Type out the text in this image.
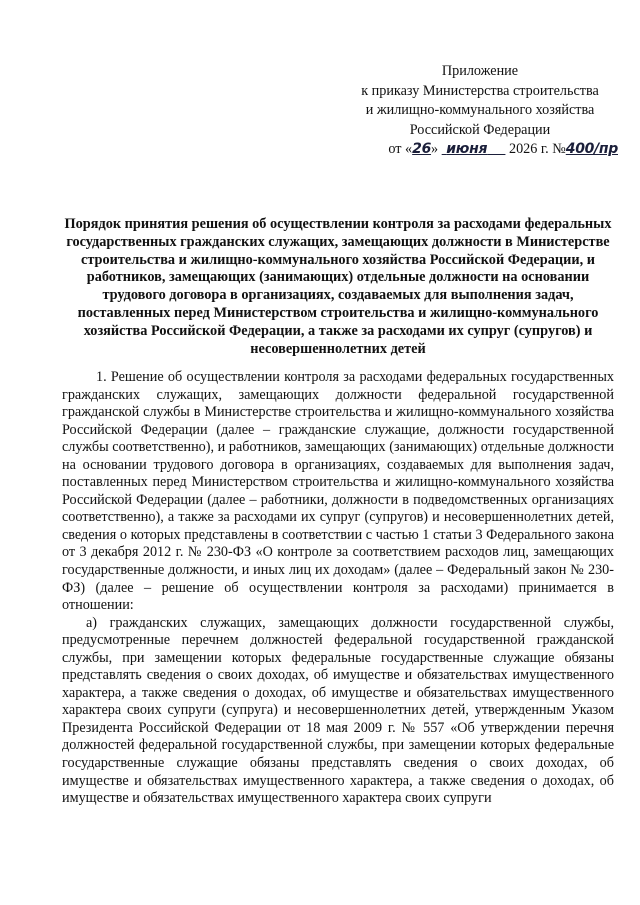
Приложение
к приказу Министерства строительства
и жилищно-коммунального хозяйства
Российской Федерации
от «26» июня 2026 г. №400/пр
Порядок принятия решения об осуществлении контроля за расходами федеральных государственных гражданских служащих, замещающих должности в Министерстве строительства и жилищно-коммунального хозяйства Российской Федерации, и работников, замещающих (занимающих) отдельные должности на основании трудового договора в организациях, создаваемых для выполнения задач, поставленных перед Министерством строительства и жилищно-коммунального хозяйства Российской Федерации, а также за расходами их супруг (супругов) и несовершеннолетних детей

1. Решение об осуществлении контроля за расходами федеральных государственных гражданских служащих, замещающих должности федеральной государственной гражданской службы в Министерстве строительства и жилищно-коммунального хозяйства Российской Федерации (далее – гражданские служащие, должности государственной службы соответственно), и работников, замещающих (занимающих) отдельные должности на основании трудового договора в организациях, создаваемых для выполнения задач, поставленных перед Министерством строительства и жилищно-коммунального хозяйства Российской Федерации (далее – работники, должности в подведомственных организациях соответственно), а также за расходами их супруг (супругов) и несовершеннолетних детей, сведения о которых представлены в соответствии с частью 1 статьи 3 Федерального закона от 3 декабря 2012 г. № 230-ФЗ «О контроле за соответствием расходов лиц, замещающих государственные должности, и иных лиц их доходам» (далее – Федеральный закон № 230-ФЗ) (далее – решение об осуществлении контроля за расходами) принимается в отношении:

а) гражданских служащих, замещающих должности государственной службы, предусмотренные перечнем должностей федеральной государственной гражданской службы, при замещении которых федеральные государственные служащие обязаны представлять сведения о своих доходах, об имуществе и обязательствах имущественного характера, а также сведения о доходах, об имуществе и обязательствах имущественного характера своих супруги (супруга) и несовершеннолетних детей, утвержденным Указом Президента Российской Федерации от 18 мая 2009 г. № 557 «Об утверждении перечня должностей федеральной государственной службы, при замещении которых федеральные государственные служащие обязаны представлять сведения о своих доходах, об имуществе и обязательствах имущественного характера, а также сведения о доходах, об имуществе и обязательствах имущественного характера своих супруги
